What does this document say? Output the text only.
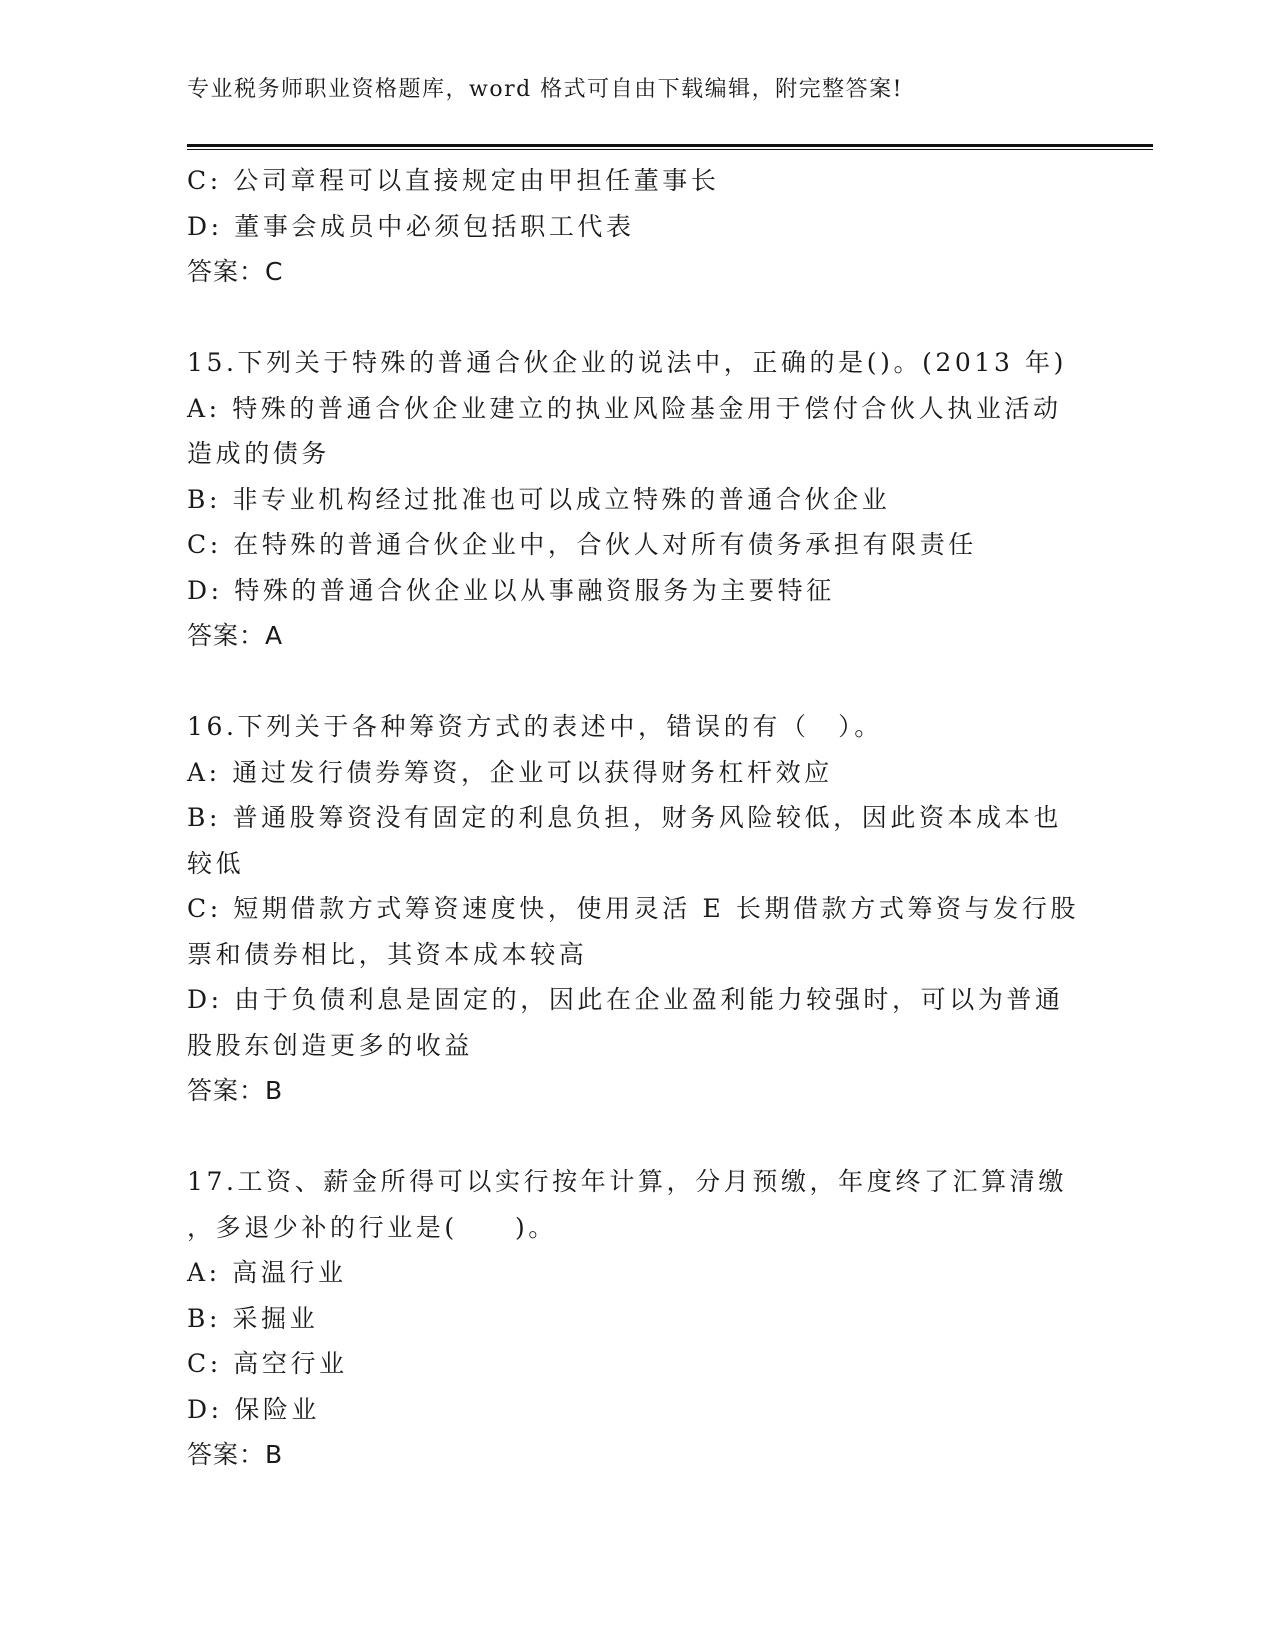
专业税务师职业资格题库，word 格式可自由下载编辑，附完整答案!
C: 公司章程可以直接规定由甲担任董事长
D: 董事会成员中必须包括职工代表
答案：C
15.下列关于特殊的普通合伙企业的说法中，正确的是()。(2013 年)
A: 特殊的普通合伙企业建立的执业风险基金用于偿付合伙人执业活动
造成的债务
B: 非专业机构经过批准也可以成立特殊的普通合伙企业
C: 在特殊的普通合伙企业中，合伙人对所有债务承担有限责任
D: 特殊的普通合伙企业以从事融资服务为主要特征
答案：A
16.下列关于各种筹资方式的表述中，错误的有（　）。
A: 通过发行债券筹资，企业可以获得财务杠杆效应
B: 普通股筹资没有固定的利息负担，财务风险较低，因此资本成本也
较低
C: 短期借款方式筹资速度快，使用灵活 E 长期借款方式筹资与发行股
票和债券相比，其资本成本较高
D: 由于负债利息是固定的，因此在企业盈利能力较强时，可以为普通
股股东创造更多的收益
答案：B
17.工资、薪金所得可以实行按年计算，分月预缴，年度终了汇算清缴
，多退少补的行业是(　　)。
A: 高温行业
B: 采掘业
C: 高空行业
D: 保险业
答案：B
